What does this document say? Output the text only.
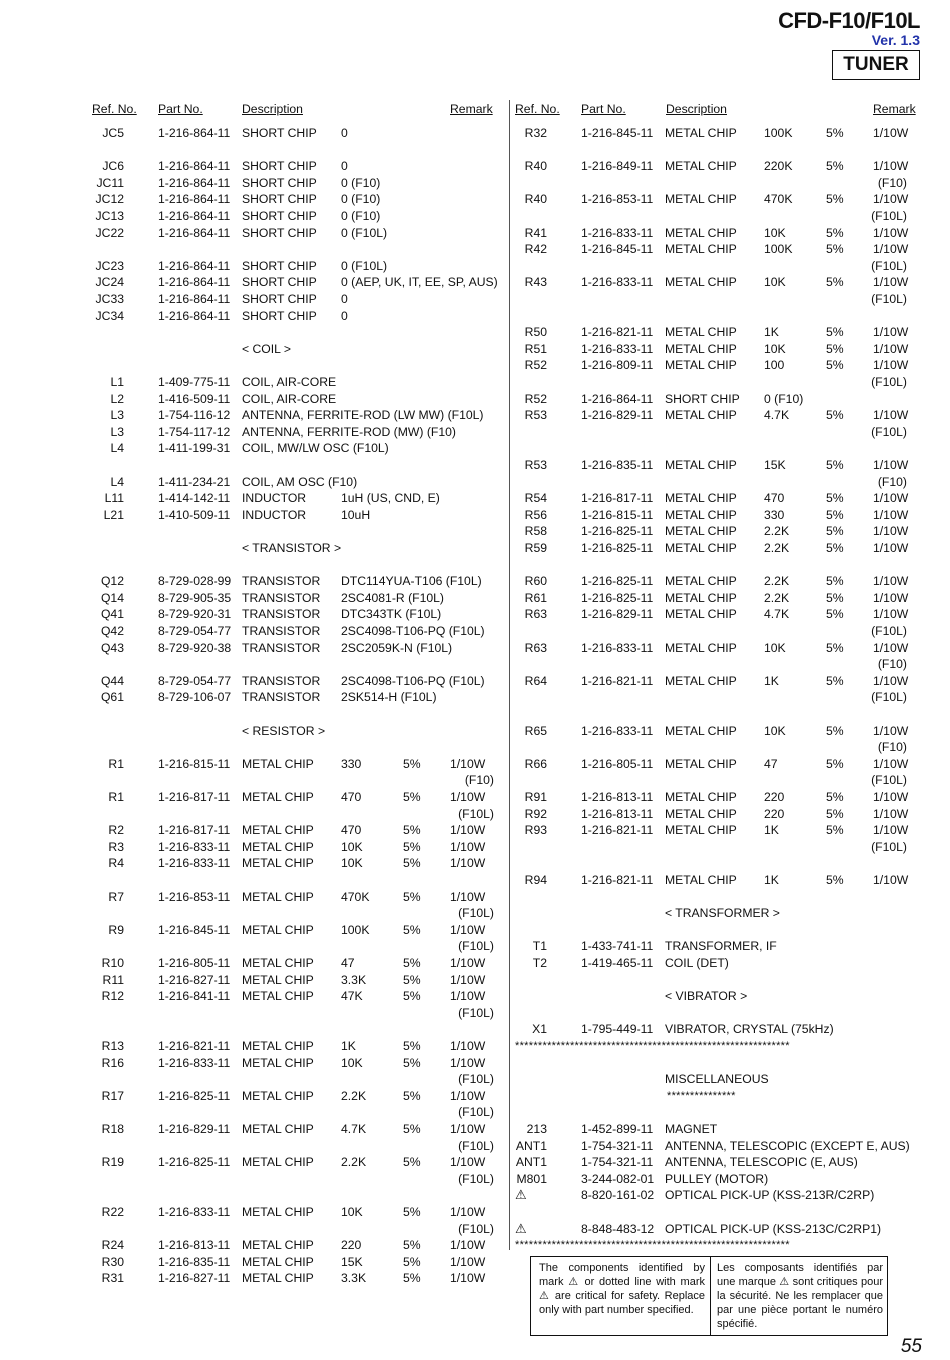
CFD-F10/F10L
Ver. 1.3
TUNER
Ref. No. Part No.	Description	Remark
JC5	1-216-864-11 SHORT CHIP 0
JC6	1-216-864-11 SHORT CHIP 0
JC11	1-216-864-11 SHORT CHIP 0 (F10)
JC12	1-216-864-11 SHORT CHIP 0 (F10)
JC13	1-216-864-11 SHORT CHIP 0 (F10)
JC22	1-216-864-11 SHORT CHIP 0 (F10L)
JC23	1-216-864-11 SHORT CHIP 0 (F10L)
JC24	1-216-864-11 SHORT CHIP 0 (AEP, UK, IT, EE, SP, AUS)
JC33	1-216-864-11 SHORT CHIP 0
JC34	1-216-864-11 SHORT CHIP 0
< COIL >
L1	1-409-775-11 COIL, AIR-CORE
L2	1-416-509-11 COIL, AIR-CORE
L3	1-754-116-12 ANTENNA, FERRITE-ROD (LW MW) (F10L)
L3	1-754-117-12 ANTENNA, FERRITE-ROD (MW) (F10)
L4	1-411-199-31 COIL, MW/LW OSC (F10L)
L4	1-411-234-21 COIL, AM OSC (F10)
L11	1-414-142-11 INDUCTOR	1uH (US, CND, E)
L21	1-410-509-11 INDUCTOR	10uH
< TRANSISTOR >
Q12	8-729-028-99 TRANSISTOR DTC114YUA-T106 (F10L)
Q14	8-729-905-35 TRANSISTOR 2SC4081-R (F10L)
Q41	8-729-920-31 TRANSISTOR DTC343TK (F10L)
Q42	8-729-054-77 TRANSISTOR 2SC4098-T106-PQ (F10L)
Q43	8-729-920-38 TRANSISTOR 2SC2059K-N (F10L)
Q44	8-729-054-77 TRANSISTOR 2SC4098-T106-PQ (F10L)
Q61	8-729-106-07 TRANSISTOR 2SK514-H (F10L)
< RESISTOR >
R1	1-216-815-11 METAL CHIP 330	5% 1/10W
(F10)
R1	1-216-817-11 METAL CHIP 470	5% 1/10W
(F10L)
R2	1-216-817-11 METAL CHIP 470	5% 1/10W
R3	1-216-833-11 METAL CHIP 10K	5% 1/10W
R4	1-216-833-11 METAL CHIP 10K	5% 1/10W
R7	1-216-853-11 METAL CHIP 470K	5% 1/10W
(F10L)
R9	1-216-845-11 METAL CHIP 100K	5% 1/10W
(F10L)
R10	1-216-805-11 METAL CHIP 47	5% 1/10W
R11	1-216-827-11 METAL CHIP 3.3K	5% 1/10W
R12	1-216-841-11 METAL CHIP 47K	5% 1/10W
(F10L)
R13	1-216-821-11 METAL CHIP 1K	5% 1/10W
R16	1-216-833-11 METAL CHIP 10K	5% 1/10W
(F10L)
R17	1-216-825-11 METAL CHIP 2.2K	5% 1/10W
(F10L)
R18	1-216-829-11 METAL CHIP 4.7K	5% 1/10W
(F10L)
R19	1-216-825-11 METAL CHIP 2.2K	5% 1/10W
(F10L)
R22	1-216-833-11 METAL CHIP 10K	5% 1/10W
(F10L)
R24	1-216-813-11 METAL CHIP 220	5% 1/10W
R30	1-216-835-11 METAL CHIP 15K	5% 1/10W
R31	1-216-827-11 METAL CHIP 3.3K	5% 1/10W
Ref. No. Part No.	Description	Remark
R32	1-216-845-11 METAL CHIP 100K	5% 1/10W
R40	1-216-849-11 METAL CHIP 220K	5% 1/10W
(F10)
R40	1-216-853-11 METAL CHIP 470K	5% 1/10W
(F10L)
R41	1-216-833-11 METAL CHIP 10K	5% 1/10W
R42	1-216-845-11 METAL CHIP 100K	5% 1/10W
(F10L)
R43	1-216-833-11 METAL CHIP 10K	5% 1/10W
(F10L)
R50	1-216-821-11 METAL CHIP 1K	5% 1/10W
R51	1-216-833-11 METAL CHIP 10K	5% 1/10W
R52	1-216-809-11 METAL CHIP 100	5% 1/10W
(F10L)
R52	1-216-864-11 SHORT CHIP 0 (F10)
R53	1-216-829-11 METAL CHIP 4.7K	5% 1/10W
(F10L)
R53	1-216-835-11 METAL CHIP 15K	5% 1/10W
(F10)
R54	1-216-817-11 METAL CHIP 470	5% 1/10W
R56	1-216-815-11 METAL CHIP 330	5% 1/10W
R58	1-216-825-11 METAL CHIP 2.2K	5% 1/10W
R59	1-216-825-11 METAL CHIP 2.2K	5% 1/10W
R60	1-216-825-11 METAL CHIP 2.2K	5% 1/10W
R61	1-216-825-11 METAL CHIP 2.2K	5% 1/10W
R63	1-216-829-11 METAL CHIP 4.7K	5% 1/10W
(F10L)
R63	1-216-833-11 METAL CHIP 10K	5% 1/10W
(F10)
R64	1-216-821-11 METAL CHIP 1K	5% 1/10W
(F10L)
R65	1-216-833-11 METAL CHIP 10K	5% 1/10W
(F10)
R66	1-216-805-11 METAL CHIP 47	5% 1/10W
(F10L)
R91	1-216-813-11 METAL CHIP 220	5% 1/10W
R92	1-216-813-11 METAL CHIP 220	5% 1/10W
R93	1-216-821-11 METAL CHIP 1K	5% 1/10W
(F10L)
R94	1-216-821-11 METAL CHIP 1K	5% 1/10W
< TRANSFORMER >
T1	1-433-741-11 TRANSFORMER, IF
T2	1-419-465-11 COIL (DET)
< VIBRATOR >
X1	1-795-449-11 VIBRATOR, CRYSTAL (75kHz)
************************************************************
MISCELLANEOUS
***************
213	1-452-899-11 MAGNET
ANT1	1-754-321-11 ANTENNA, TELESCOPIC (EXCEPT E, AUS)
ANT1	1-754-321-11 ANTENNA, TELESCOPIC (E, AUS)
M801	3-244-082-01 PULLEY (MOTOR)
⚠	8-820-161-02 OPTICAL PICK-UP (KSS-213R/C2RP)
⚠	8-848-483-12 OPTICAL PICK-UP (KSS-213C/C2RP1)
************************************************************
The components identified by mark ⚠ or dotted line with mark ⚠ are critical for safety. Replace only with part number specified.
Les composants identifiés par une marque ⚠ sont critiques pour la sécurité. Ne les remplacer que par une pièce portant le numéro spécifié.
55
